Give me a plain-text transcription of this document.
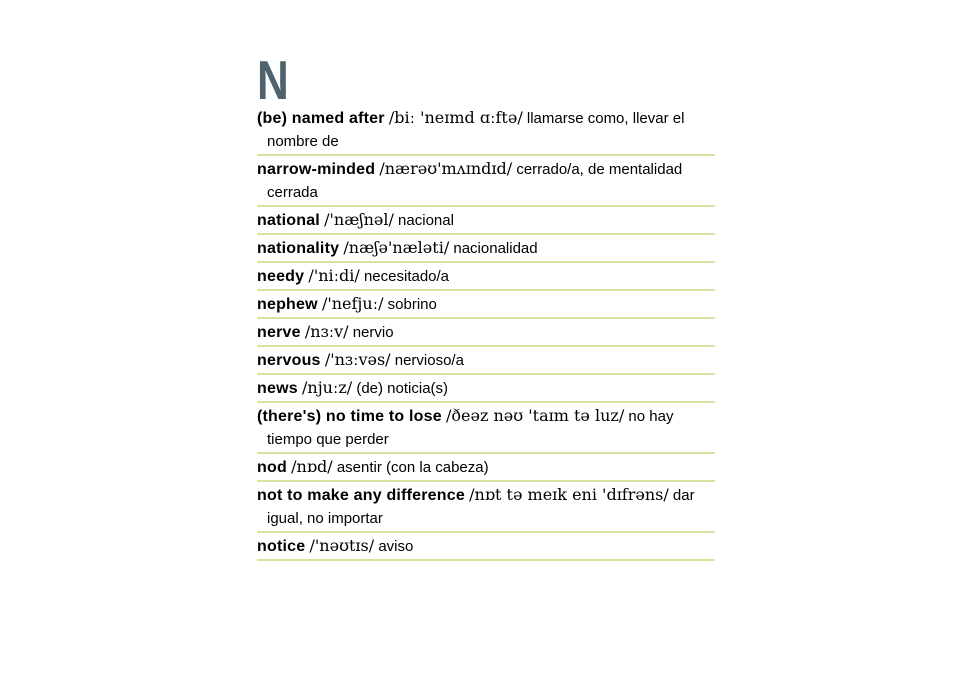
N

(be) named after /biː 'neɪmd ɑːftə/ llamarse como, llevar el nombre de

narrow-minded /nærəʊ'mʌɪndɪd/ cerrado/a, de mentalidad cerrada

national /'næʃnəl/ nacional

nationality /næʃə'næləti/ nacionalidad

needy /'niːdi/ necesitado/a

nephew /'nefjuː/ sobrino

nerve /nɜːv/ nervio

nervous /'nɜːvəs/ nervioso/a

news /njuːz/ (de) noticia(s)

(there's) no time to lose /ðeəz nəʊ 'taɪm tə luz/ no hay tiempo que perder

nod /nɒd/ asentir (con la cabeza)

not to make any difference /nɒt tə meɪk eni 'dɪfrəns/ dar igual, no importar

notice /'nəʊtɪs/ aviso
